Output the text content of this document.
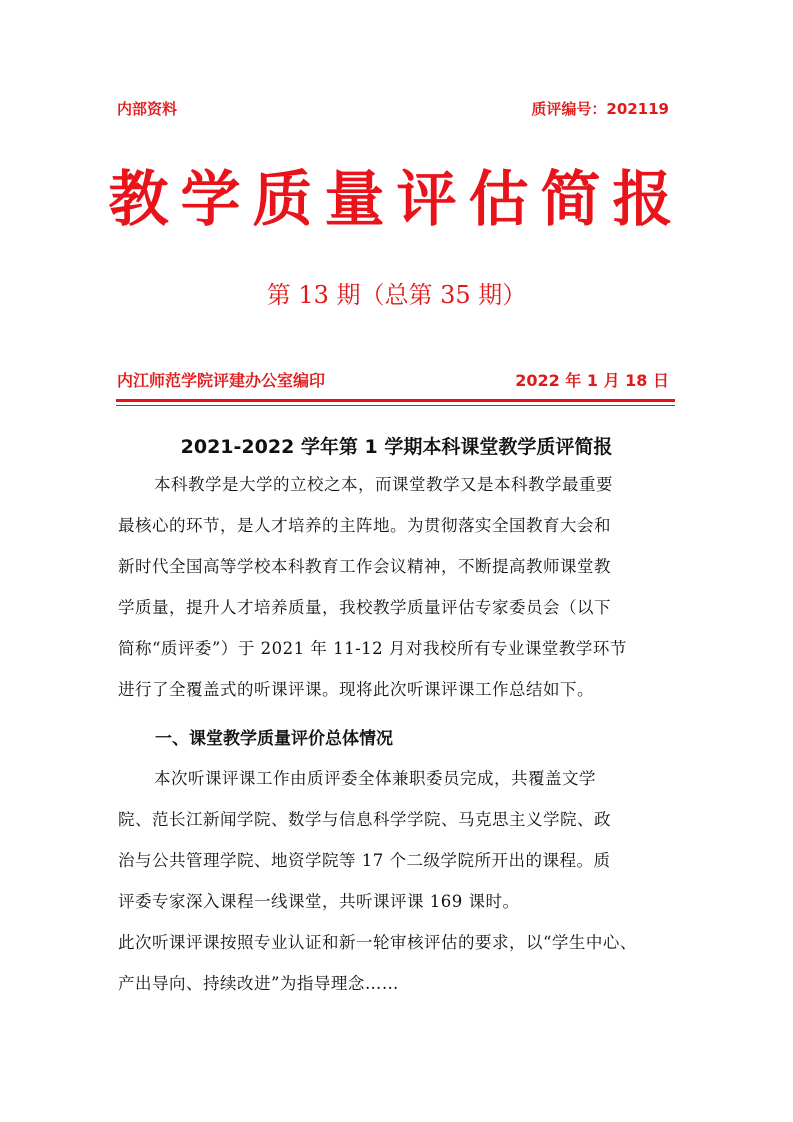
内部资料	质评编号：202119
教学质量评估简报
第 13 期（总第 35 期）
内江师范学院评建办公室编印	2022 年 1 月 18 日
2021-2022 学年第 1 学期本科课堂教学质评简报
本科教学是大学的立校之本，而课堂教学又是本科教学最重要
最核心的环节，是人才培养的主阵地。为贯彻落实全国教育大会和
新时代全国高等学校本科教育工作会议精神，不断提高教师课堂教
学质量，提升人才培养质量，我校教学质量评估专家委员会（以下
简称“质评委”）于 2021 年 11-12 月对我校所有专业课堂教学环节
进行了全覆盖式的听课评课。现将此次听课评课工作总结如下。
一、课堂教学质量评价总体情况
本次听课评课工作由质评委全体兼职委员完成，共覆盖文学
院、范长江新闻学院、数学与信息科学学院、马克思主义学院、政
治与公共管理学院、地资学院等 17 个二级学院所开出的课程。质
评委专家深入课程一线课堂，共听课评课 169 课时。
此次听课评课按照专业认证和新一轮审核评估的要求，以“学生中心、
产出导向、持续改进”为指导理念……
